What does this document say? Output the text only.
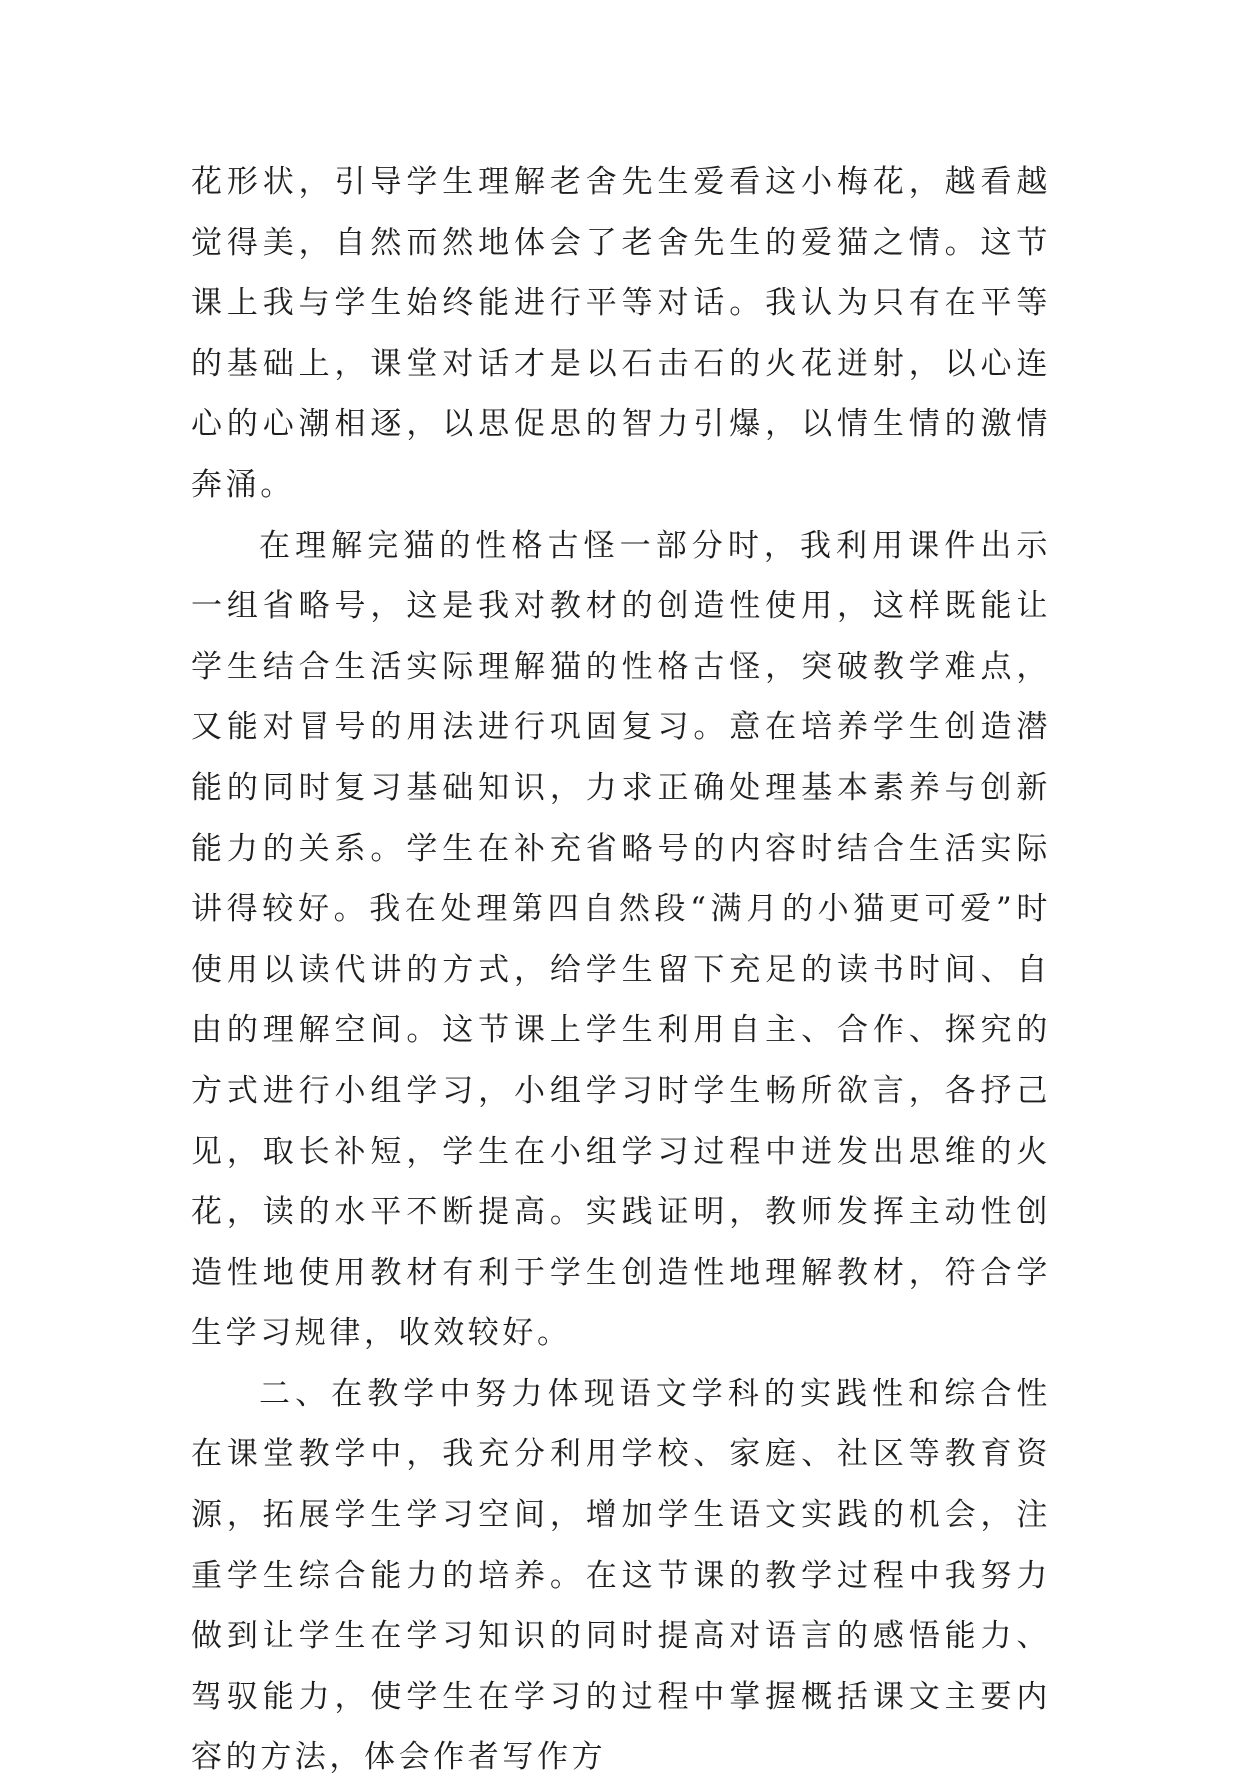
花形状，引导学生理解老舍先生爱看这小梅花，越看越觉得美，自然而然地体会了老舍先生的爱猫之情。这节课上我与学生始终能进行平等对话。我认为只有在平等的基础上，课堂对话才是以石击石的火花迸射，以心连心的心潮相逐，以思促思的智力引爆，以情生情的激情奔涌。

在理解完猫的性格古怪一部分时，我利用课件出示一组省略号，这是我对教材的创造性使用，这样既能让学生结合生活实际理解猫的性格古怪，突破教学难点，又能对冒号的用法进行巩固复习。意在培养学生创造潜能的同时复习基础知识，力求正确处理基本素养与创新能力的关系。学生在补充省略号的内容时结合生活实际讲得较好。我在处理第四自然段“满月的小猫更可爱”时使用以读代讲的方式，给学生留下充足的读书时间、自由的理解空间。这节课上学生利用自主、合作、探究的方式进行小组学习，小组学习时学生畅所欲言，各抒己见，取长补短，学生在小组学习过程中迸发出思维的火花，读的水平不断提高。实践证明，教师发挥主动性创造性地使用教材有利于学生创造性地理解教材，符合学生学习规律，收效较好。

二、在教学中努力体现语文学科的实践性和综合性在课堂教学中，我充分利用学校、家庭、社区等教育资源，拓展学生学习空间，增加学生语文实践的机会，注重学生综合能力的培养。在这节课的教学过程中我努力做到让学生在学习知识的同时提高对语言的感悟能力、驾驭能力，使学生在学习的过程中掌握概括课文主要内容的方法，体会作者写作方
